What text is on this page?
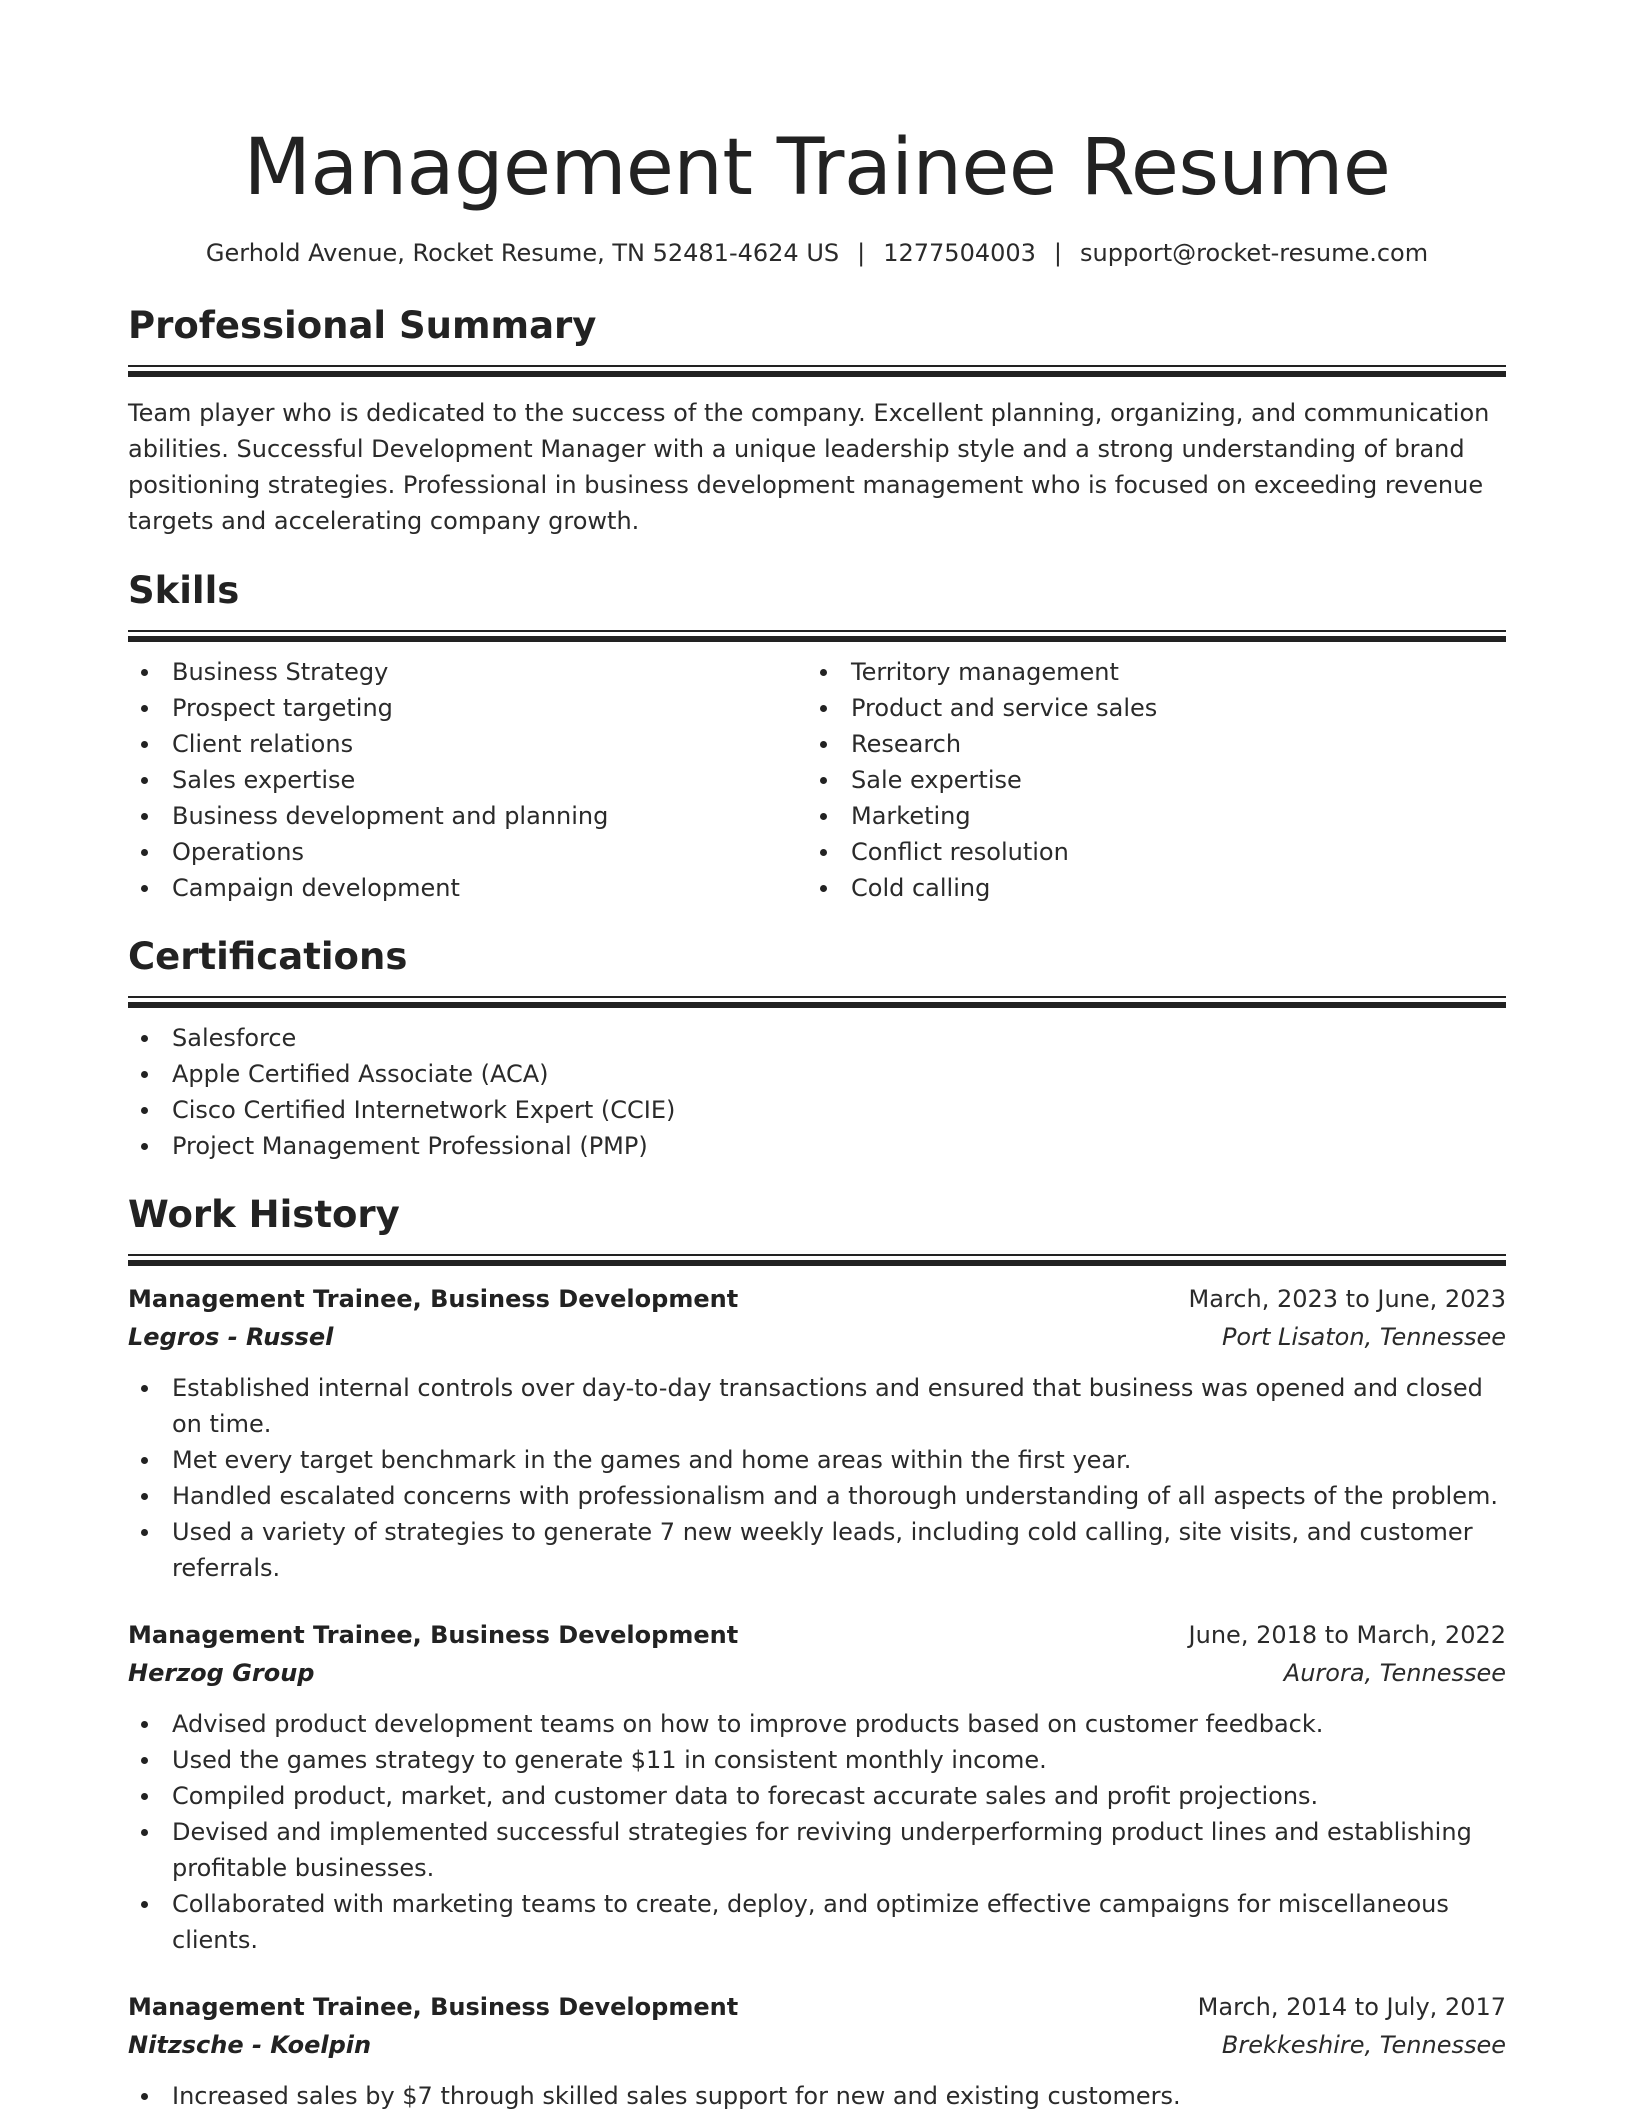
Management Trainee Resume
Gerhold Avenue, Rocket Resume, TN 52481-4624 US | 1277504003 | support@rocket-resume.com
Professional Summary
Team player who is dedicated to the success of the company. Excellent planning, organizing, and communication abilities. Successful Development Manager with a unique leadership style and a strong understanding of brand positioning strategies. Professional in business development management who is focused on exceeding revenue targets and accelerating company growth.
Skills
Business Strategy
Prospect targeting
Client relations
Sales expertise
Business development and planning
Operations
Campaign development
Territory management
Product and service sales
Research
Sale expertise
Marketing
Conflict resolution
Cold calling
Certifications
Salesforce
Apple Certified Associate (ACA)
Cisco Certified Internetwork Expert (CCIE)
Project Management Professional (PMP)
Work History
Management Trainee, Business Development	March, 2023 to June, 2023
Legros - Russel	Port Lisaton, Tennessee
Established internal controls over day-to-day transactions and ensured that business was opened and closed on time.
Met every target benchmark in the games and home areas within the first year.
Handled escalated concerns with professionalism and a thorough understanding of all aspects of the problem.
Used a variety of strategies to generate 7 new weekly leads, including cold calling, site visits, and customer referrals.
Management Trainee, Business Development	June, 2018 to March, 2022
Herzog Group	Aurora, Tennessee
Advised product development teams on how to improve products based on customer feedback.
Used the games strategy to generate $11 in consistent monthly income.
Compiled product, market, and customer data to forecast accurate sales and profit projections.
Devised and implemented successful strategies for reviving underperforming product lines and establishing profitable businesses.
Collaborated with marketing teams to create, deploy, and optimize effective campaigns for miscellaneous clients.
Management Trainee, Business Development	March, 2014 to July, 2017
Nitzsche - Koelpin	Brekkeshire, Tennessee
Increased sales by $7 through skilled sales support for new and existing customers.
